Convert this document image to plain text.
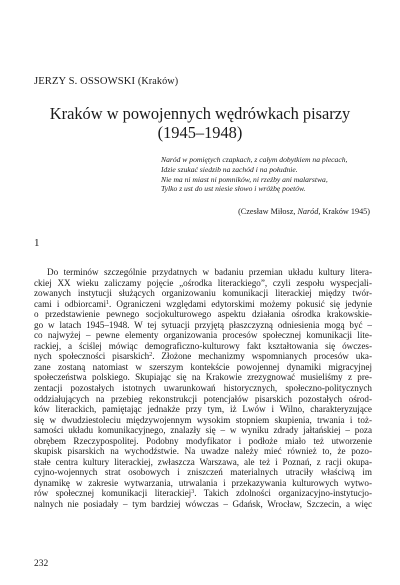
JERZY S. OSSOWSKI (Kraków)
Kraków w powojennych wędrówkach pisarzy
(1945–1948)
Naród w pomiętych czapkach, z całym dobytkiem na plecach,
Idzie szukać siedzib na zachód i na południe.
Nie ma ni miast ni pomników, ni rzeźby ani malarstwa,
Tylko z ust do ust niesie słowo i wróżbę poetów.
(Czesław Miłosz, Naród, Kraków 1945)
1
Do terminów szczególnie przydatnych w badaniu przemian układu kultury litera-
ckiej XX wieku zaliczamy pojęcie „ośrodka literackiego”, czyli zespołu wyspecjali-
zowanych instytucji służących organizowaniu komunikacji literackiej między twór-
cami i odbiorcami$^1$. Ograniczeni względami edytorskimi możemy pokusić się jedynie
o przedstawienie pewnego socjokulturowego aspektu działania ośrodka krakowskie-
go w latach 1945–1948. W tej sytuacji przyjętą płaszczyzną odniesienia mogą być –
co najwyżej – pewne elementy organizowania procesów społecznej komunikacji lite-
rackiej, a ściślej mówiąc demograficzno-kulturowy fakt kształtowania się ówczes-
nych społeczności pisarskich$^2$. Złożone mechanizmy wspomnianych procesów uka-
zane zostaną natomiast w szerszym kontekście powojennej dynamiki migracyjnej
społeczeństwa polskiego. Skupiając się na Krakowie zrezygnować musieliśmy z pre-
zentacji pozostałych istotnych uwarunkowań historycznych, społeczno-politycznych
oddziałujących na przebieg rekonstrukcji potencjałów pisarskich pozostałych ośrod-
ków literackich, pamiętając jednakże przy tym, iż Lwów i Wilno, charakteryzujące
się w dwudziestoleciu międzywojennym wysokim stopniem skupienia, trwania i toż-
samości układu komunikacyjnego, znalazły się – w wyniku zdrady jałtańskiej – poza
obrębem Rzeczypospolitej. Podobny modyfikator i podłoże miało też utworzenie
skupisk pisarskich na wychodźstwie. Na uwadze należy mieć również to, że pozo-
stałe centra kultury literackiej, zwłaszcza Warszawa, ale też i Poznań, z racji okupa-
cyjno-wojennych strat osobowych i zniszczeń materialnych utraciły właściwą im
dynamikę w zakresie wytwarzania, utrwalania i przekazywania kulturowych wytwo-
rów społecznej komunikacji literackiej$^3$. Takich zdolności organizacyjno-instytucjo-
nalnych nie posiadały – tym bardziej wówczas – Gdańsk, Wrocław, Szczecin, a więc
232
